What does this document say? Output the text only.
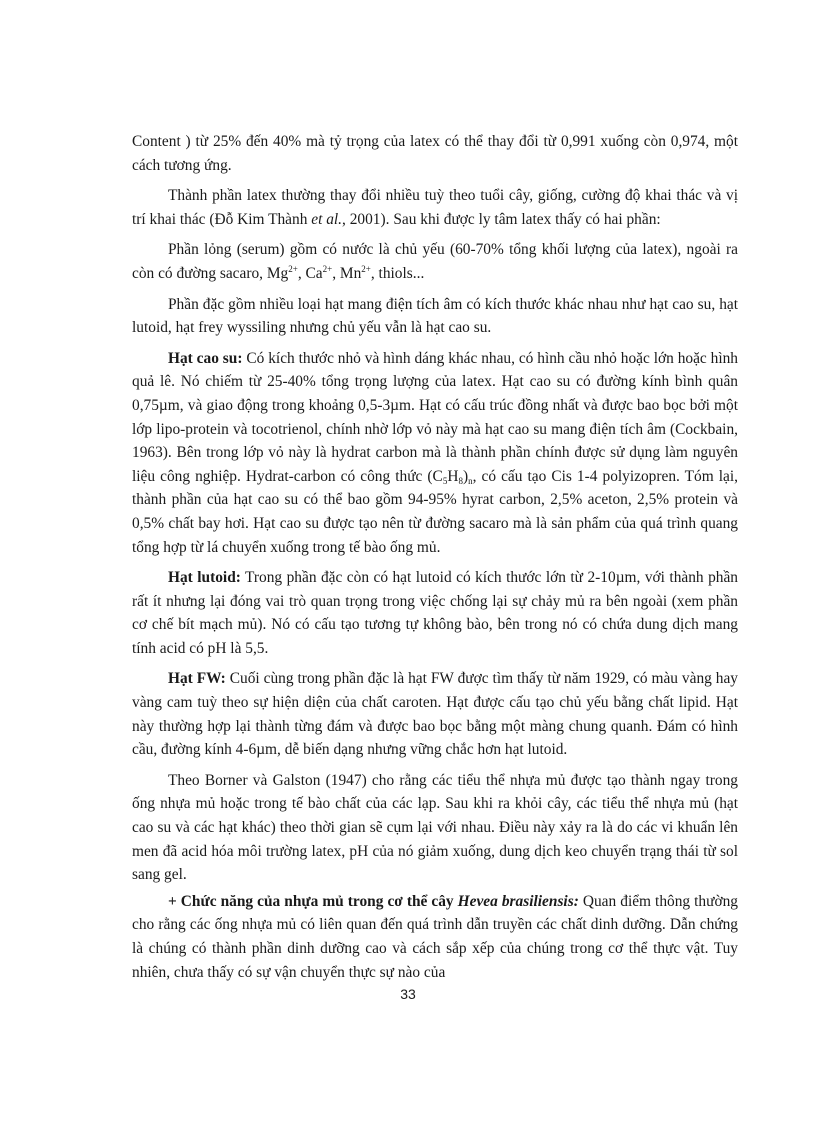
Content ) từ 25% đến 40% mà tỷ trọng của latex có thể thay đổi từ 0,991 xuống còn 0,974, một cách tương ứng.

Thành phần latex thường thay đổi nhiều tuỳ theo tuổi cây, giống, cường độ khai thác và vị trí khai thác (Đỗ Kim Thành et al., 2001). Sau khi được ly tâm latex thấy có hai phần:

Phần lỏng (serum) gồm có nước là chủ yếu (60-70% tổng khối lượng của latex), ngoài ra còn có đường sacaro, $Mg^{2+}$, $Ca^{2+}$, $Mn^{2+}$, thiols...

Phần đặc gồm nhiều loại hạt mang điện tích âm có kích thước khác nhau như hạt cao su, hạt lutoid, hạt frey wyssiling nhưng chủ yếu vẫn là hạt cao su.

Hạt cao su: Có kích thước nhỏ và hình dáng khác nhau, có hình cầu nhỏ hoặc lớn hoặc hình quả lê. Nó chiếm từ 25-40% tổng trọng lượng của latex. Hạt cao su có đường kính bình quân 0,75µm, và giao động trong khoảng 0,5-3µm. Hạt có cấu trúc đồng nhất và được bao bọc bởi một lớp lipo-protein và tocotrienol, chính nhờ lớp vỏ này mà hạt cao su mang điện tích âm (Cockbain, 1963). Bên trong lớp vỏ này là hydrat carbon mà là thành phần chính được sử dụng làm nguyên liệu công nghiệp. Hydrat-carbon có công thức $(C_5H_8)_n$, có cấu tạo Cis 1-4 polyizopren. Tóm lại, thành phần của hạt cao su có thể bao gồm 94-95% hyrat carbon, 2,5% aceton, 2,5% protein và 0,5% chất bay hơi. Hạt cao su được tạo nên từ đường sacaro mà là sản phẩm của quá trình quang tổng hợp từ lá chuyển xuống trong tế bào ống mủ.

Hạt lutoid: Trong phần đặc còn có hạt lutoid có kích thước lớn từ 2-10µm, với thành phần rất ít nhưng lại đóng vai trò quan trọng trong việc chống lại sự chảy mủ ra bên ngoài (xem phần cơ chế bít mạch mủ). Nó có cấu tạo tương tự không bào, bên trong nó có chứa dung dịch mang tính acid có pH là 5,5.

Hạt FW: Cuối cùng trong phần đặc là hạt FW được tìm thấy từ năm 1929, có màu vàng hay vàng cam tuỳ theo sự hiện diện của chất caroten. Hạt được cấu tạo chủ yếu bằng chất lipid. Hạt này thường hợp lại thành từng đám và được bao bọc bằng một màng chung quanh. Đám có hình cầu, đường kính 4-6µm, dễ biến dạng nhưng vững chắc hơn hạt lutoid.

Theo Borner và Galston (1947) cho rằng các tiểu thể nhựa mủ được tạo thành ngay trong ống nhựa mủ hoặc trong tế bào chất của các lạp. Sau khi ra khỏi cây, các tiểu thể nhựa mủ (hạt cao su và các hạt khác) theo thời gian sẽ cụm lại với nhau. Điều này xảy ra là do các vi khuẩn lên men đã acid hóa môi trường latex, pH của nó giảm xuống, dung dịch keo chuyển trạng thái từ sol sang gel.

+ Chức năng của nhựa mủ trong cơ thể cây Hevea brasiliensis: Quan điểm thông thường cho rằng các ống nhựa mủ có liên quan đến quá trình dẫn truyền các chất dinh dưỡng. Dẫn chứng là chúng có thành phần dinh dưỡng cao và cách sắp xếp của chúng trong cơ thể thực vật. Tuy nhiên, chưa thấy có sự vận chuyển thực sự nào của

33
